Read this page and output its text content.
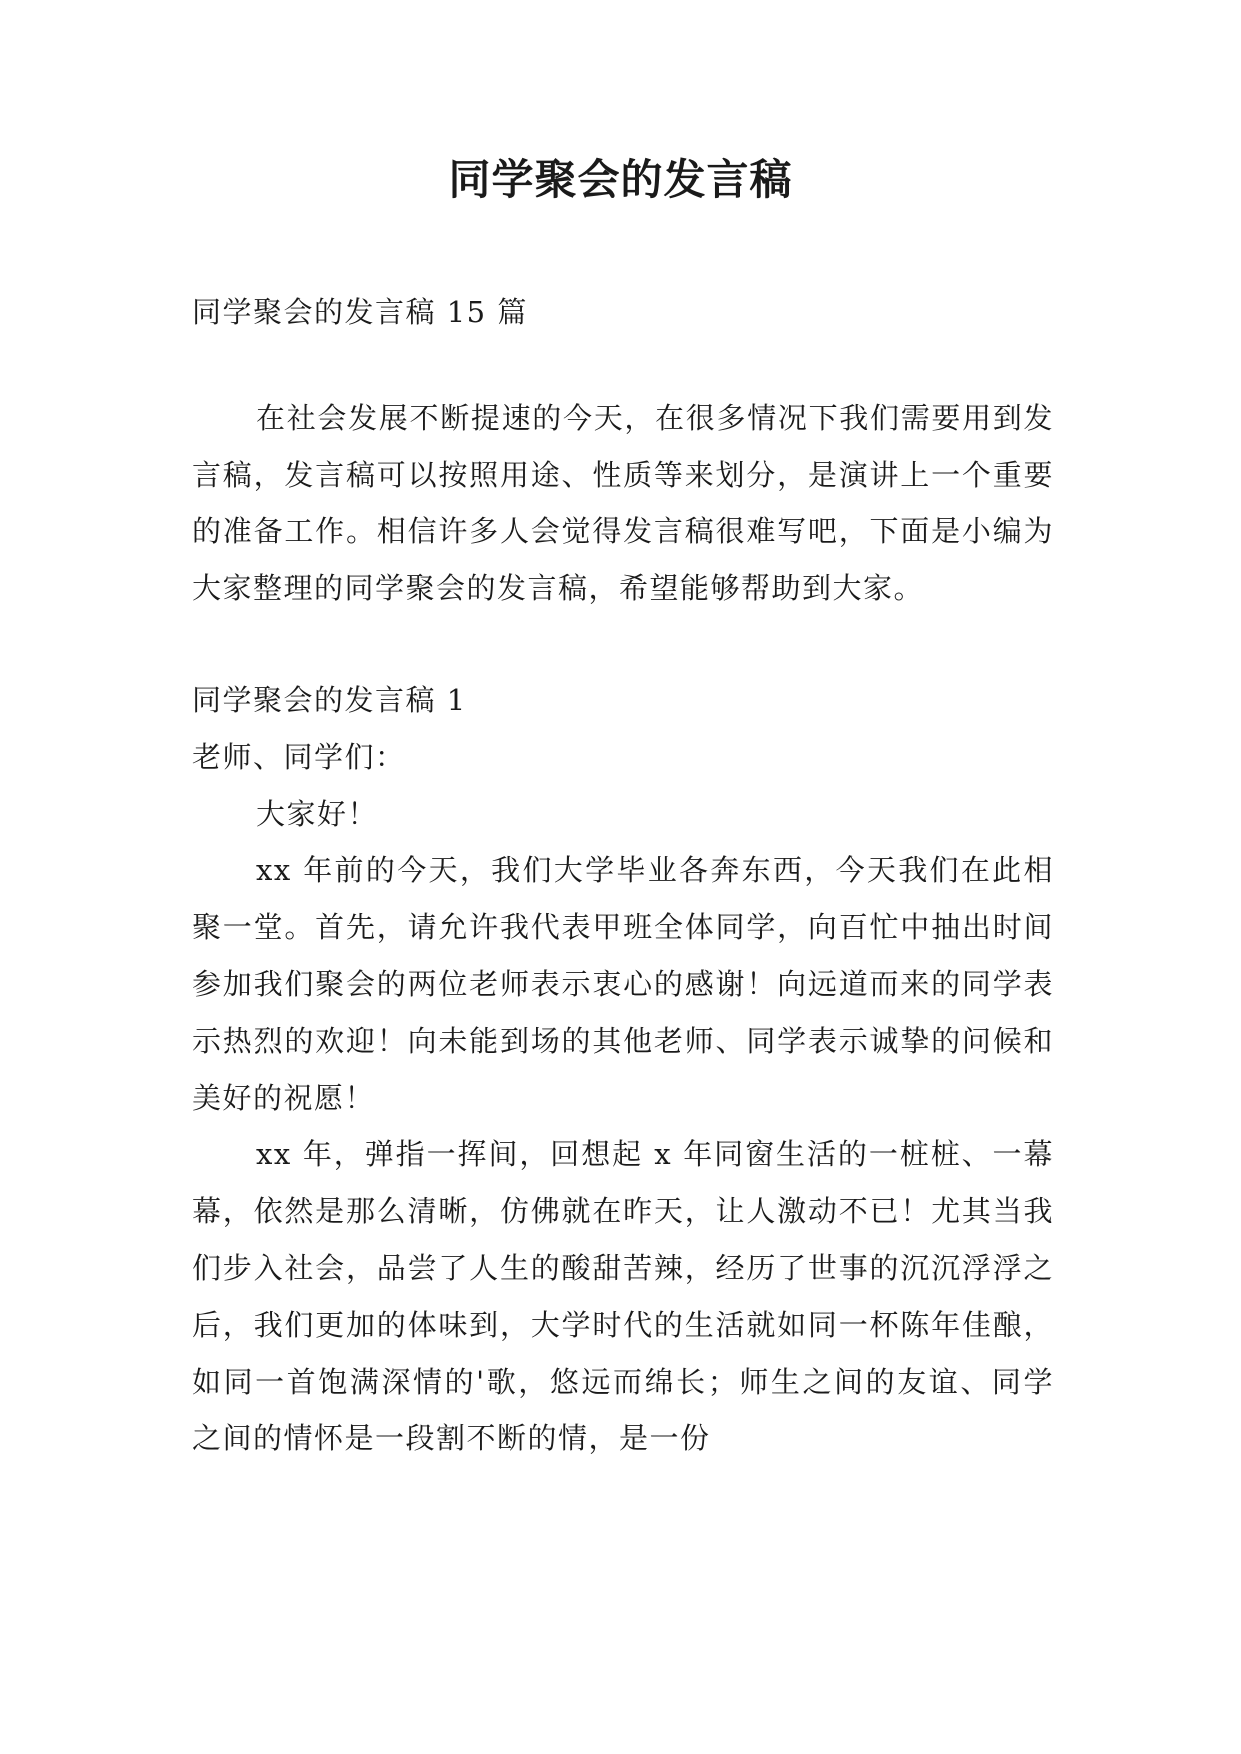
同学聚会的发言稿

同学聚会的发言稿 15 篇

在社会发展不断提速的今天，在很多情况下我们需要用到发言稿，发言稿可以按照用途、性质等来划分，是演讲上一个重要的准备工作。相信许多人会觉得发言稿很难写吧，下面是小编为大家整理的同学聚会的发言稿，希望能够帮助到大家。

同学聚会的发言稿 1

老师、同学们：

大家好！

xx 年前的今天，我们大学毕业各奔东西，今天我们在此相聚一堂。首先，请允许我代表甲班全体同学，向百忙中抽出时间参加我们聚会的两位老师表示衷心的感谢！向远道而来的同学表示热烈的欢迎！向未能到场的其他老师、同学表示诚挚的问候和美好的祝愿！

xx 年，弹指一挥间，回想起 x 年同窗生活的一桩桩、一幕幕，依然是那么清晰，仿佛就在昨天，让人激动不已！尤其当我们步入社会，品尝了人生的酸甜苦辣，经历了世事的沉沉浮浮之后，我们更加的体味到，大学时代的生活就如同一杯陈年佳酿，如同一首饱满深情的'歌，悠远而绵长；师生之间的友谊、同学之间的情怀是一段割不断的情，是一份
